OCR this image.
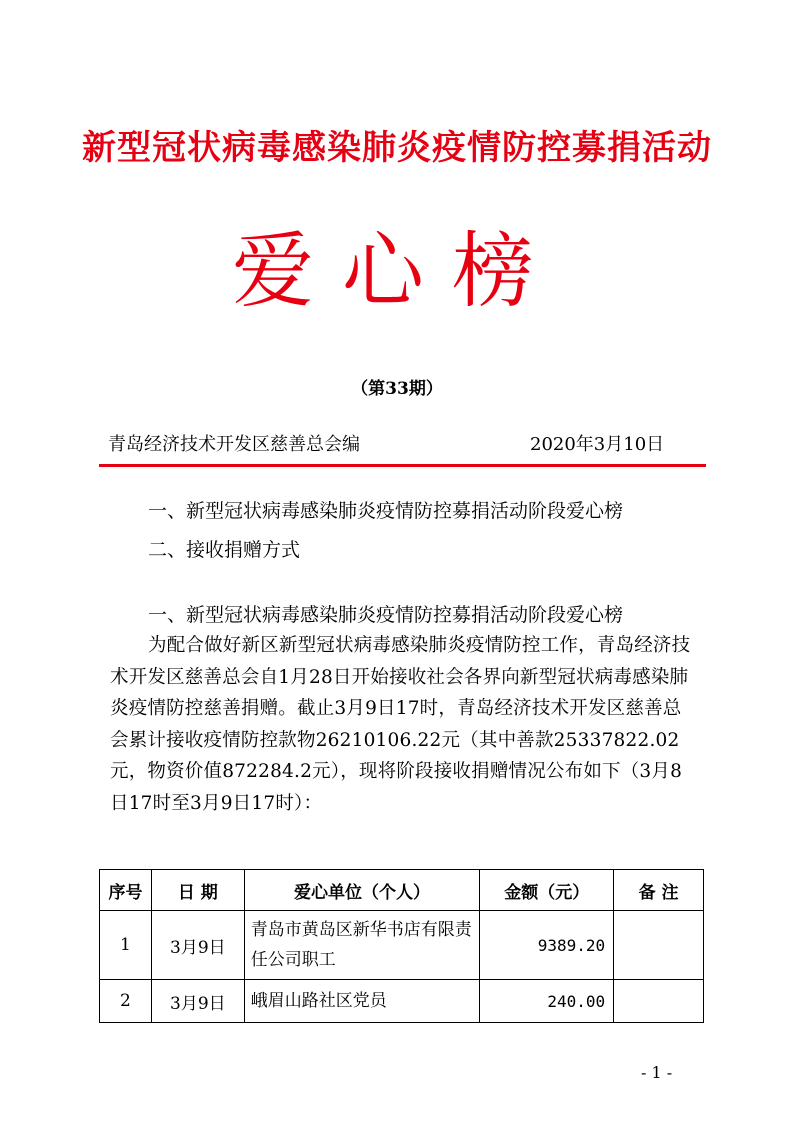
新型冠状病毒感染肺炎疫情防控募捐活动
爱心榜
（第33期）
青岛经济技术开发区慈善总会编	2020年3月10日
一、新型冠状病毒感染肺炎疫情防控募捐活动阶段爱心榜
二、接收捐赠方式
一、新型冠状病毒感染肺炎疫情防控募捐活动阶段爱心榜
为配合做好新区新型冠状病毒感染肺炎疫情防控工作，青岛经济技术开发区慈善总会自1月28日开始接收社会各界向新型冠状病毒感染肺炎疫情防控慈善捐赠。截止3月9日17时，青岛经济技术开发区慈善总会累计接收疫情防控款物26210106.22元（其中善款25337822.02元，物资价值872284.2元），现将阶段接收捐赠情况公布如下（3月8日17时至3月9日17时）：
序号	日 期	爱心单位（个人）	金额（元）	备 注
1	3月9日	青岛市黄岛区新华书店有限责任公司职工	9389.20	
2	3月9日	峨眉山路社区党员	240.00	
- 1 -
